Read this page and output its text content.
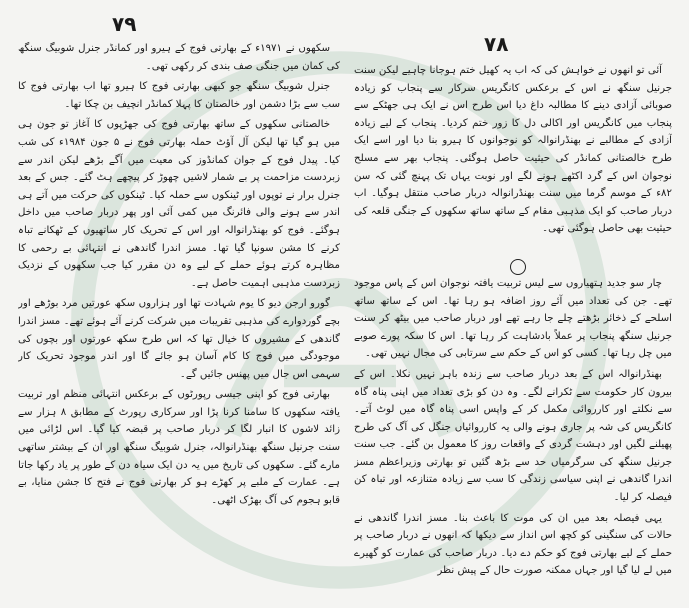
۷۹
۷۸

آئی تو انھوں نے خواہش کی کہ اب یہ کھیل ختم ہوجانا چاہیے لیکن سنت جرنیل سنگھ نے اس کے برعکس کانگریس سرکار سے پنجاب کو زیادہ صوبائی آزادی دینے کا مطالبہ داغ دیا اس طرح اس نے ایک ہی جھٹکے سے پنجاب میں کانگریس اور اکالی دل کا زور ختم کردیا۔ پنجاب کے لیے زیادہ آزادی کے مطالبے نے بھنڈرانوالہ کو نوجوانوں کا ہیرو بنا دیا اور اسے ایک طرح خالصتانی کمانڈر کی حیثیت حاصل ہوگئی۔ پنجاب بھر سے مسلح نوجوان اس کے گرد اکٹھے ہونے لگے اور نوبت یہاں تک پہنچ گئی کہ سن ۸۲ء کے موسم گرما میں سنت بھنڈرانوالہ دربار صاحب منتقل ہوگیا۔ اب دربار صاحب کو ایک مذہبی مقام کے ساتھ ساتھ سکھوں کے جنگی قلعہ کی حیثیت بھی حاصل ہوگئی تھی۔

چار سو جدید ہتھیاروں سے لیس تربیت یافتہ نوجوان اس کے پاس موجود تھے۔ جن کی تعداد میں آئے روز اضافہ ہو رہا تھا۔ اس کے ساتھ ساتھ اسلحے کے ذخائر بڑھتے چلے جا رہے تھے اور دربار صاحب میں بیٹھ کر سنت جرنیل سنگھ پنجاب پر عملاً بادشاہت کر رہا تھا۔ اس کا سکہ پورے صوبے میں چل رہا تھا۔ کسی کو اس کے حکم سے سرتابی کی مجال نہیں تھی۔

بھنڈرانوالہ اس کے بعد دربار صاحب سے زندہ باہر نہیں نکلا۔ اس کے بیرون کار حکومت سے ٹکرانے لگے۔ وہ دن کو بڑی تعداد میں اپنی پناہ گاہ سے نکلتے اور کارروائی مکمل کر کے واپس اسی پناہ گاہ میں لوٹ آتے۔ کانگریس کی شہ پر جاری ہونے والی یہ کارروائیاں جنگل کی آگ کی طرح پھیلنے لگیں اور دہشت گردی کے واقعات روز کا معمول بن گئے۔ جب سنت جرنیل سنگھ کی سرگرمیاں حد سے بڑھ گئیں تو بھارتی وزیراعظم مسز اندرا گاندھی نے اپنی سیاسی زندگی کا سب سے زیادہ متنازعہ اور تباہ کن فیصلہ کر لیا۔

یہی فیصلہ بعد میں ان کی موت کا باعث بنا۔ مسز اندرا گاندھی نے حالات کی سنگینی کو کچھ اس انداز سے دیکھا کہ انھوں نے دربار صاحب پر حملے کے لیے بھارتی فوج کو حکم دے دیا۔ دربار صاحب کی عمارت کو گھیرے میں لے لیا گیا اور جہاں ممکنہ صورت حال کے پیش نظر

سکھوں نے ۱۹۷۱ء کے بھارتی فوج کے ہیرو اور کمانڈر جنرل شوبیگ سنگھ کی کمان میں جنگی صف بندی کر رکھی تھی۔

جنرل شوبیگ سنگھ جو کبھی بھارتی فوج کا ہیرو تھا اب بھارتی فوج کا سب سے بڑا دشمن اور خالصتان کا پہلا کمانڈر انچیف بن چکا تھا۔

خالصتانی سکھوں کے ساتھ بھارتی فوج کی جھڑپوں کا آغاز تو جون ہی میں ہو گیا تھا لیکن آل آؤٹ حملہ بھارتی فوج نے ۵ جون ۱۹۸۴ء کی شب کیا۔ پیدل فوج کے جوان کمانڈوز کی معیت میں آگے بڑھے لیکن اندر سے زبردست مزاحمت پر بے شمار لاشیں چھوڑ کر پیچھے ہٹ گئے۔ جس کے بعد جنرل برار نے توپوں اور ٹینکوں سے حملہ کیا۔ ٹینکوں کی حرکت میں آتے ہی اندر سے ہونے والی فائرنگ میں کمی آئی اور پھر دربار صاحب میں داخل ہوگئے۔ فوج کو بھنڈرانوالہ اور اس کے تحریک کار ساتھیوں کے ٹھکانے تباہ کرنے کا مشن سونپا گیا تھا۔ مسز اندرا گاندھی نے انتہائی بے رحمی کا مظاہرہ کرتے ہوئے حملے کے لیے وہ دن مقرر کیا جب سکھوں کے نزدیک زبردست مذہبی اہمیت حاصل ہے۔

گورو ارجن دیو کا یوم شہادت تھا اور ہزاروں سکھ عورتیں مرد بوڑھے اور بچے گوردوارے کی مذہبی تقریبات میں شرکت کرنے آئے ہوئے تھے۔ مسز اندرا گاندھی کے مشیروں کا خیال تھا کہ اس طرح سکھ عورتوں اور بچوں کی موجودگی میں فوج کا کام آسان ہو جائے گا اور اندر موجود تحریک کار سہمی اس جال میں پھنس جائیں گے۔

بھارتی فوج کو اپنی جیسی رپورٹوں کے برعکس انتہائی منظم اور تربیت یافتہ سکھوں کا سامنا کرنا پڑا اور سرکاری رپورٹ کے مطابق ۸ ہزار سے زائد لاشوں کا انبار لگا کر دربار صاحب پر قبضہ کیا گیا۔ اس لڑائی میں سنت جرنیل سنگھ بھنڈرانوالہ، جنرل شوبیگ سنگھ اور ان کے بیشتر ساتھی مارے گئے۔ سکھوں کی تاریخ میں یہ دن ایک سیاہ دن کے طور پر یاد رکھا جاتا ہے۔ عمارت کے ملبے پر کھڑے ہو کر بھارتی فوج نے فتح کا جشن منایا، بے قابو ہجوم کی آگ بھڑک اٹھی۔
